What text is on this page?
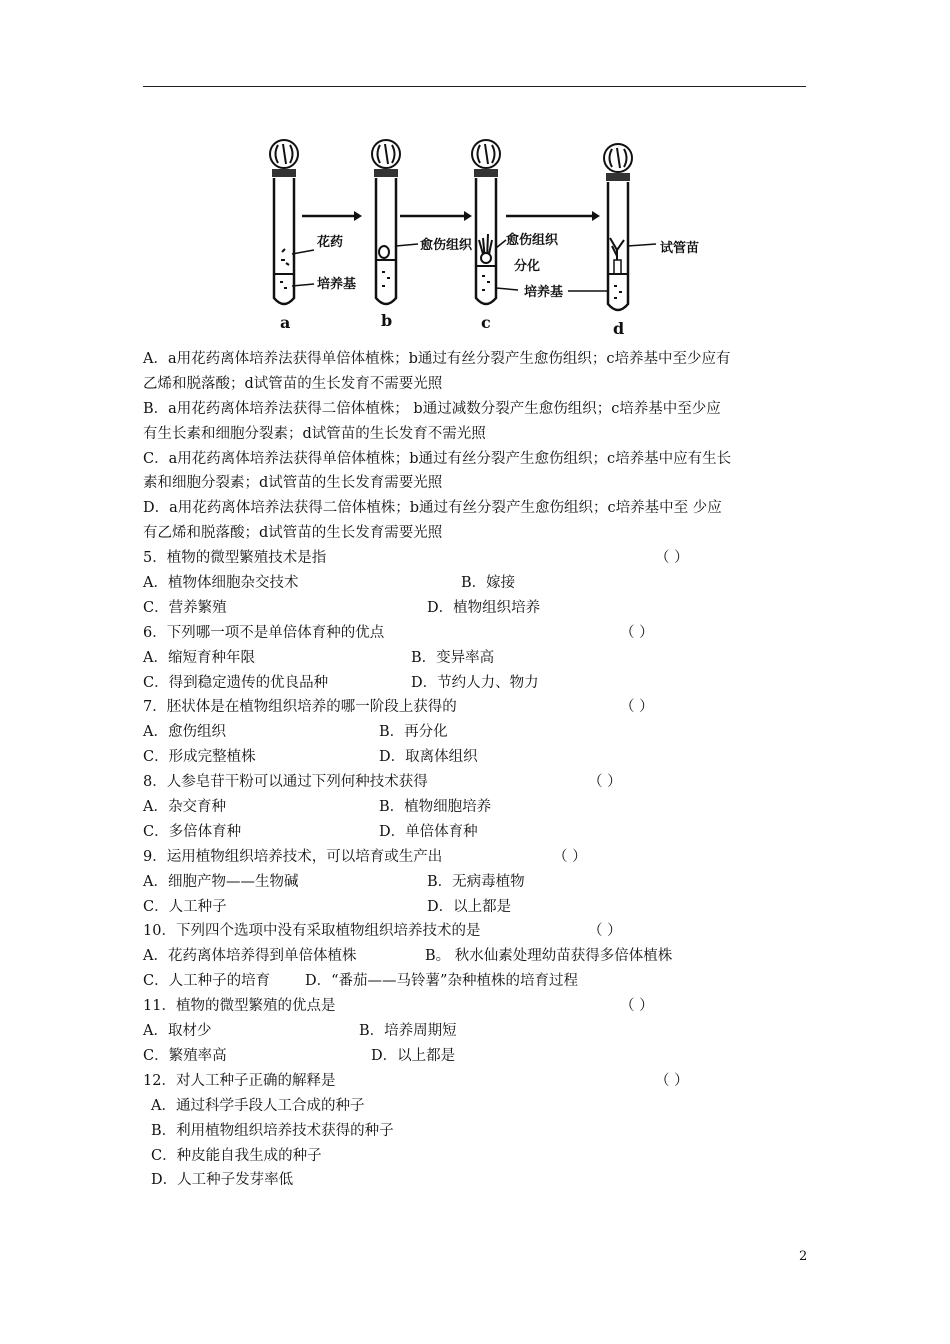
a
花药
培养基
b
愈伤组织
c
愈伤组织
分化
培养基
d
试管苗
A．a用花药离体培养法获得单倍体植株；b通过有丝分裂产生愈伤组织；c培养基中至少应有
乙烯和脱落酸；d试管苗的生长发育不需要光照
B．a用花药离体培养法获得二倍体植株； b通过减数分裂产生愈伤组织；c培养基中至少应
有生长素和细胞分裂素；d试管苗的生长发育不需光照
C．a用花药离体培养法获得单倍体植株；b通过有丝分裂产生愈伤组织；c培养基中应有生长
素和细胞分裂素；d试管苗的生长发育需要光照
D．a用花药离体培养法获得二倍体植株；b通过有丝分裂产生愈伤组织；c培养基中至 少应
有乙烯和脱落酸；d试管苗的生长发育需要光照
5．植物的微型繁殖技术是指	（ ）
A．植物体细胞杂交技术	B．嫁接
C．营养繁殖	D．植物组织培养
6．下列哪一项不是单倍体育种的优点	（ ）
A．缩短育种年限	B．变异率高
C．得到稳定遗传的优良品种	D．节约人力、物力
7．胚状体是在植物组织培养的哪一阶段上获得的	（ ）
A．愈伤组织	B．再分化
C．形成完整植株	D．取离体组织
8．人参皂苷干粉可以通过下列何种技术获得	（ ）
A．杂交育种	B．植物细胞培养
C．多倍体育种	D．单倍体育种
9．运用植物组织培养技术，可以培育或生产出	（ ）
A．细胞产物——生物碱	B．无病毒植物
C．人工种子	D．以上都是
10．下列四个选项中没有采取植物组织培养技术的是	（ ）
A．花药离体培养得到单倍体植株	B。 秋水仙素处理幼苗获得多倍体植株
C．人工种子的培育 D．“番茄——马铃薯”杂种植株的培育过程
11．植物的微型繁殖的优点是	（ ）
A．取材少	B．培养周期短
C．繁殖率高	D．以上都是
12．对人工种子正确的解释是	（ ）
A．通过科学手段人工合成的种子
B．利用植物组织培养技术获得的种子
C．种皮能自我生成的种子
D．人工种子发芽率低
2
